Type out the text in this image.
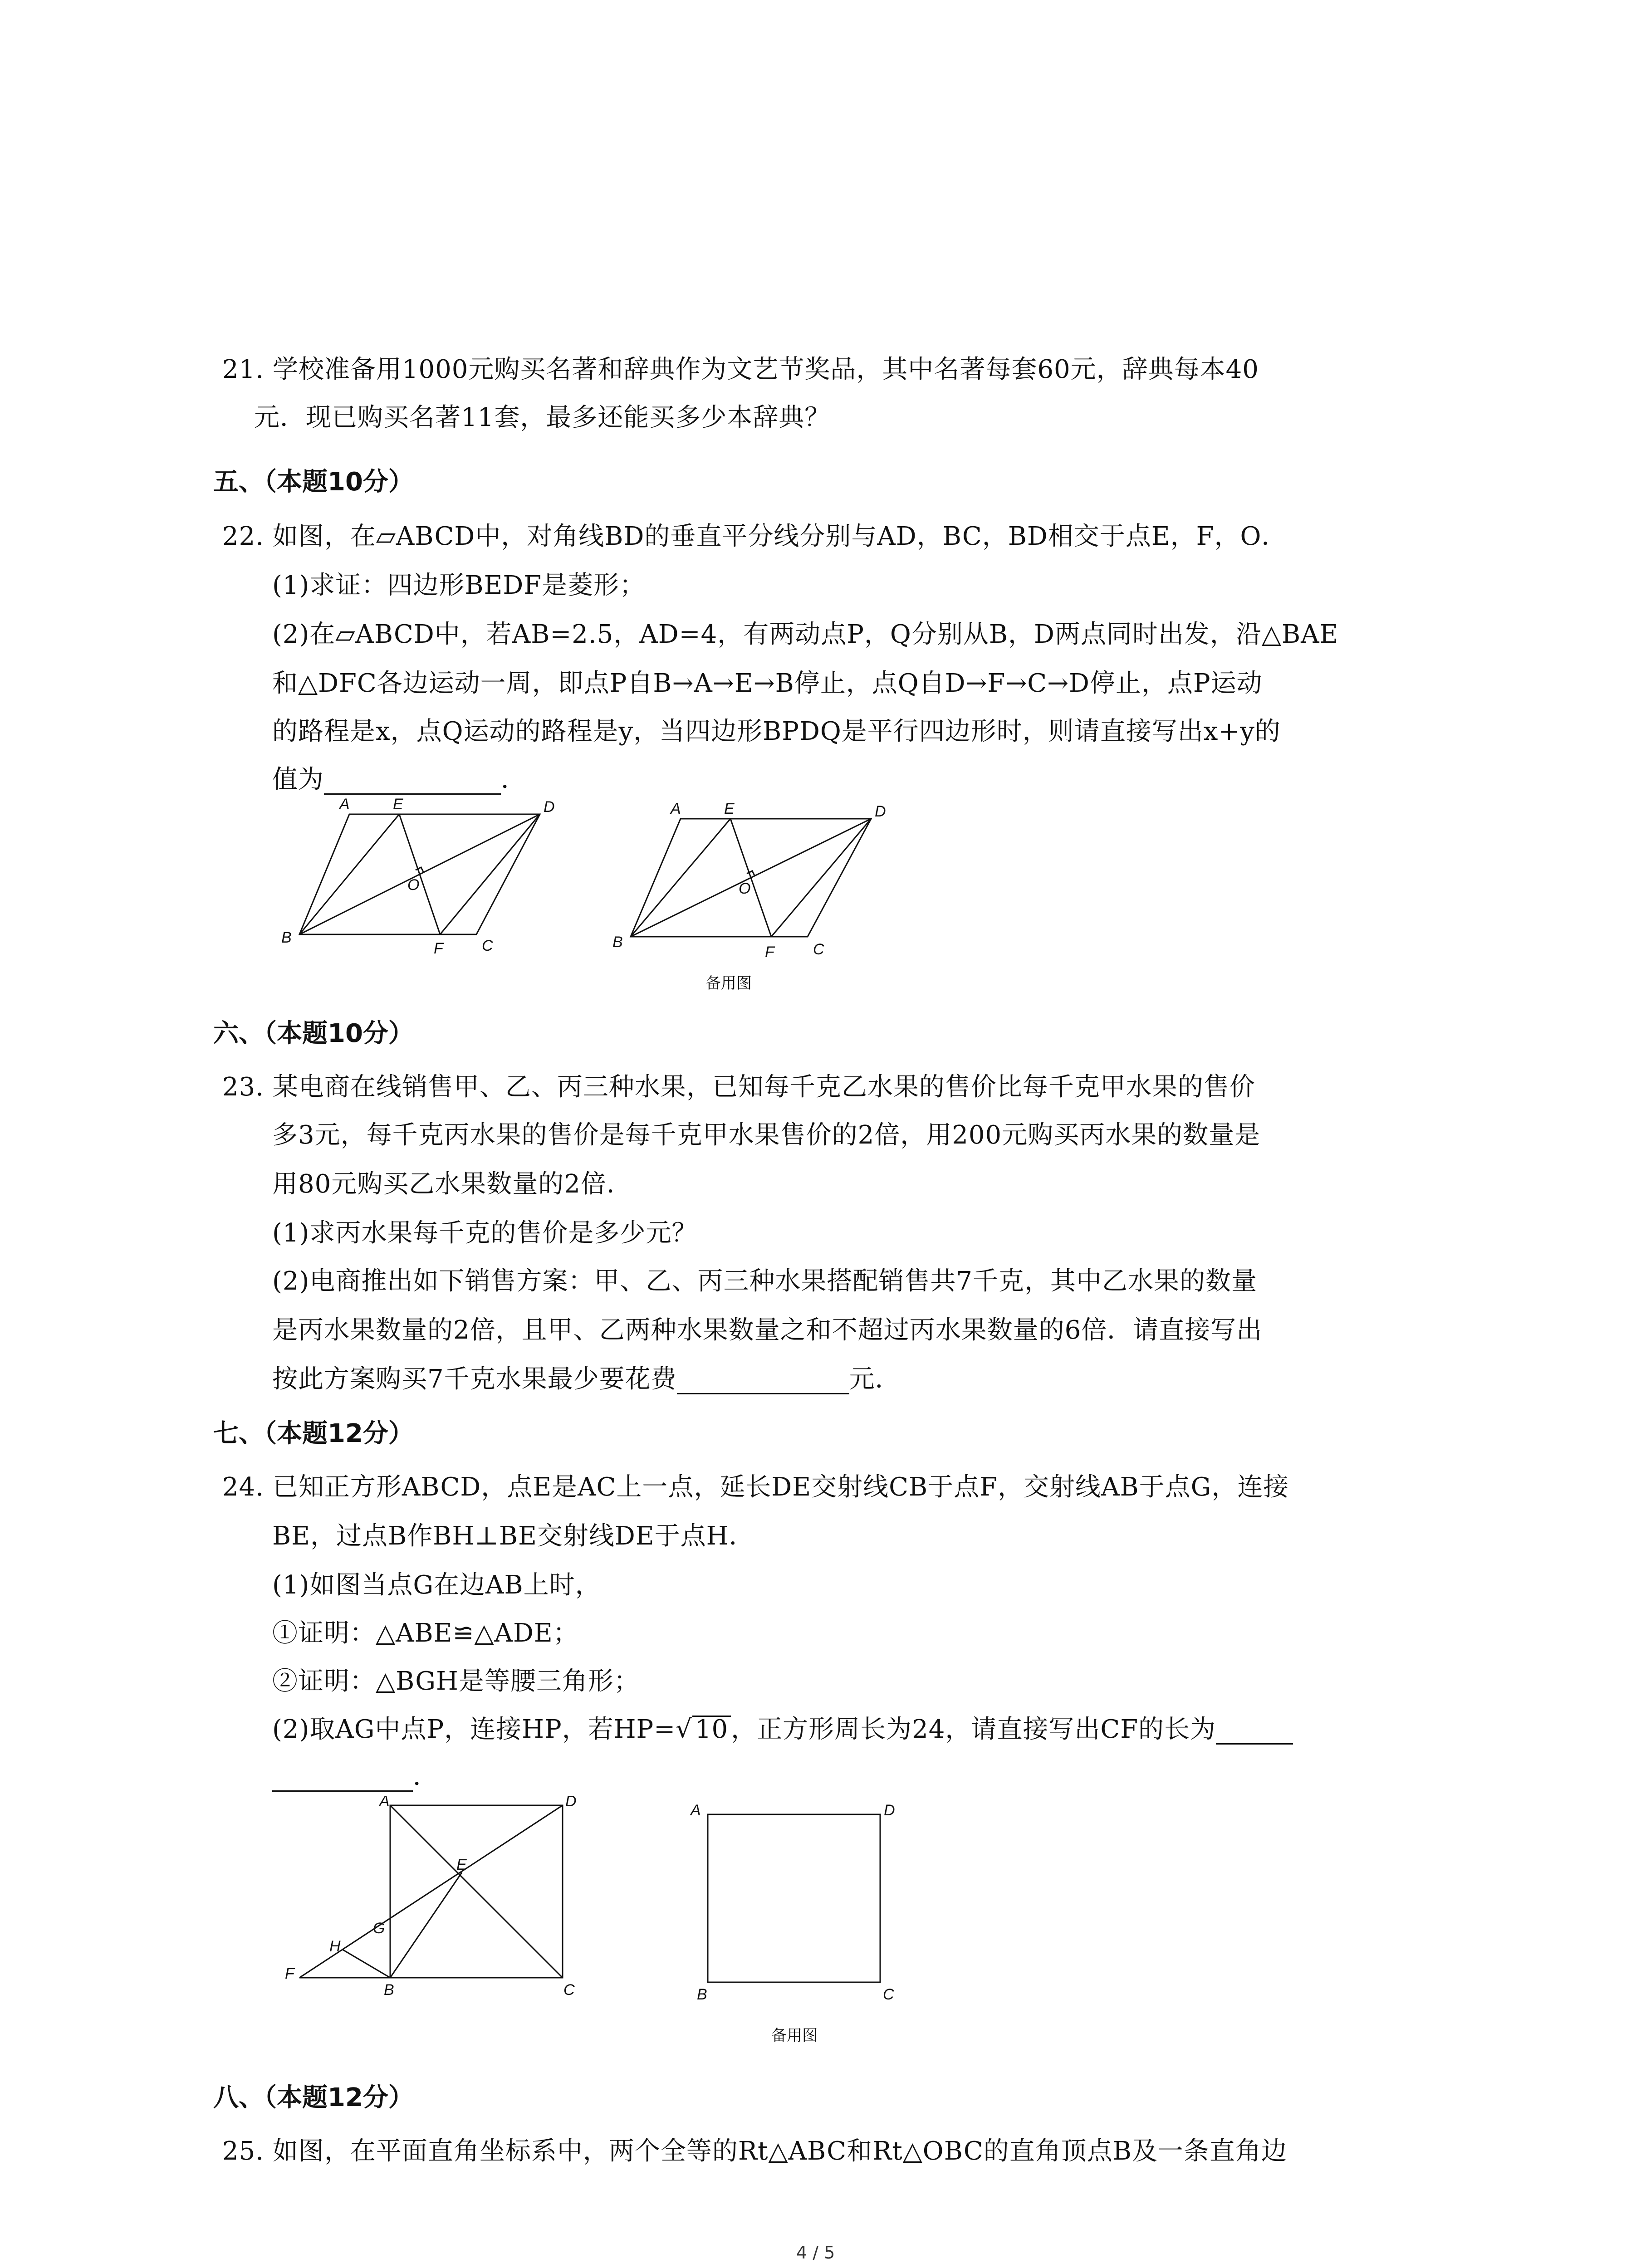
21. 学校准备用1000元购买名著和辞典作为文艺节奖品，其中名著每套60元，辞典每本40
元．现已购买名著11套，最多还能买多少本辞典？
五、（本题10分）
22. 如图，在▱ABCD中，对角线BD的垂直平分线分别与AD，BC，BD相交于点E，F，O．
(1)求证：四边形BEDF是菱形；
(2)在▱ABCD中，若AB=2.5，AD=4，有两动点P，Q分别从B，D两点同时出发，沿△BAE
和△DFC各边运动一周，即点P自B→A→E→B停止，点Q自D→F→C→D停止，点P运动
的路程是x，点Q运动的路程是y，当四边形BPDQ是平行四边形时，则请直接写出x+y的
值为	．
A	E	D
O
B
F	C
A	E	D
O
B
F	C
备用图
六、（本题10分）
23. 某电商在线销售甲、乙、丙三种水果，已知每千克乙水果的售价比每千克甲水果的售价
多3元，每千克丙水果的售价是每千克甲水果售价的2倍，用200元购买丙水果的数量是
用80元购买乙水果数量的2倍．
(1)求丙水果每千克的售价是多少元？
(2)电商推出如下销售方案：甲、乙、丙三种水果搭配销售共7千克，其中乙水果的数量
是丙水果数量的2倍，且甲、乙两种水果数量之和不超过丙水果数量的6倍．请直接写出
按此方案购买7千克水果最少要花费	元．
七、（本题12分）
24. 已知正方形ABCD，点E是AC上一点，延长DE交射线CB于点F，交射线AB于点G，连接
BE，过点B作BH⊥BE交射线DE于点H．
(1)如图当点G在边AB上时，
①证明：△ABE≌△ADE；
②证明：△BGH是等腰三角形；
(2)取AG中点P，连接HP，若HP=√ 10 ，正方形周长为24，请直接写出CF的长为
．
A	D
E
G
H
F
B	C
A	D
B	C
备用图
八、（本题12分）
25. 如图，在平面直角坐标系中，两个全等的Rt△ABC和Rt△OBC的直角顶点B及一条直角边
4 / 5
